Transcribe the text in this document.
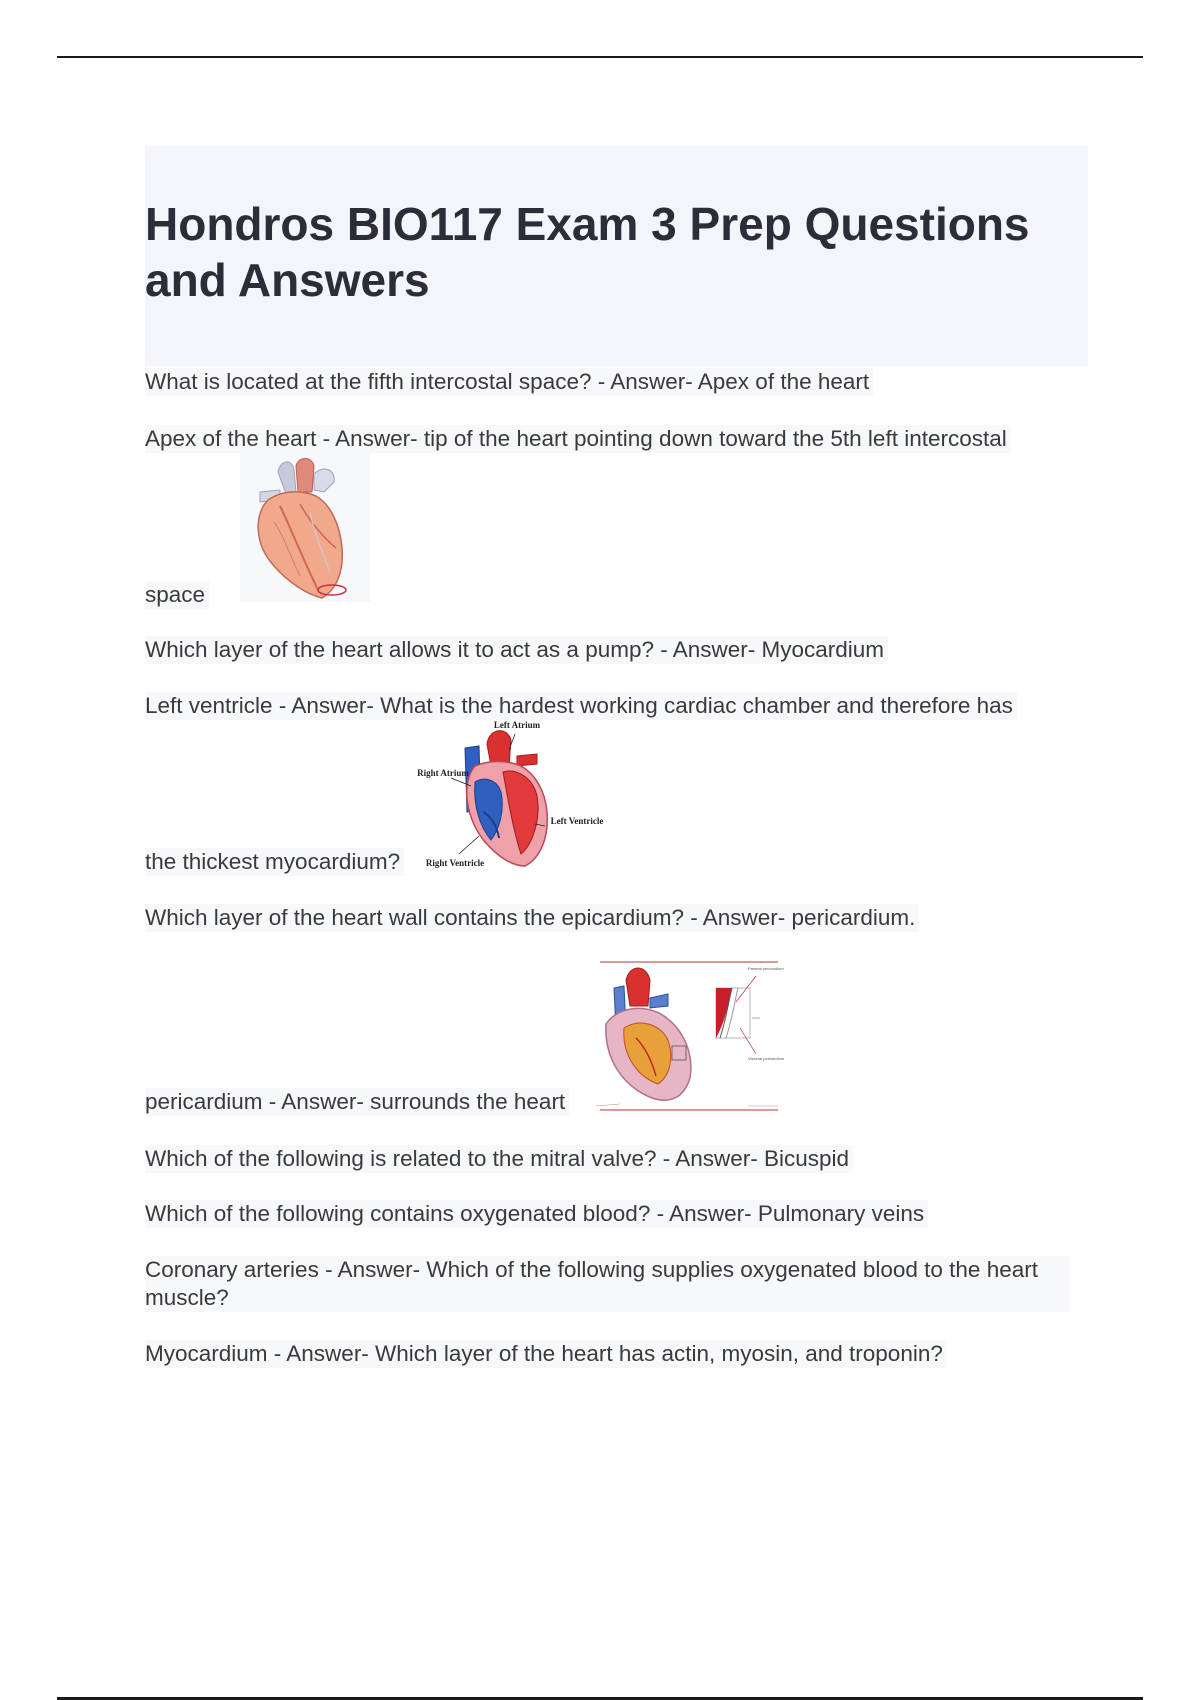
Hondros BIO117 Exam 3 Prep Questions and Answers
What is located at the fifth intercostal space? - Answer- Apex of the heart
Apex of the heart - Answer- tip of the heart pointing down toward the 5th left intercostal
space
Which layer of the heart allows it to act as a pump? - Answer- Myocardium
Left ventricle - Answer- What is the hardest working cardiac chamber and therefore has
the thickest myocardium?
Left Atrium
Right Atrium
Left Ventricle
Right Ventricle
Which layer of the heart wall contains the epicardium? - Answer- pericardium.
Parietal pericardium
Visceral pericardium
pericardium - Answer- surrounds the heart
Which of the following is related to the mitral valve? - Answer- Bicuspid
Which of the following contains oxygenated blood? - Answer- Pulmonary veins
Coronary arteries - Answer- Which of the following supplies oxygenated blood to the heart muscle?
Myocardium - Answer- Which layer of the heart has actin, myosin, and troponin?
